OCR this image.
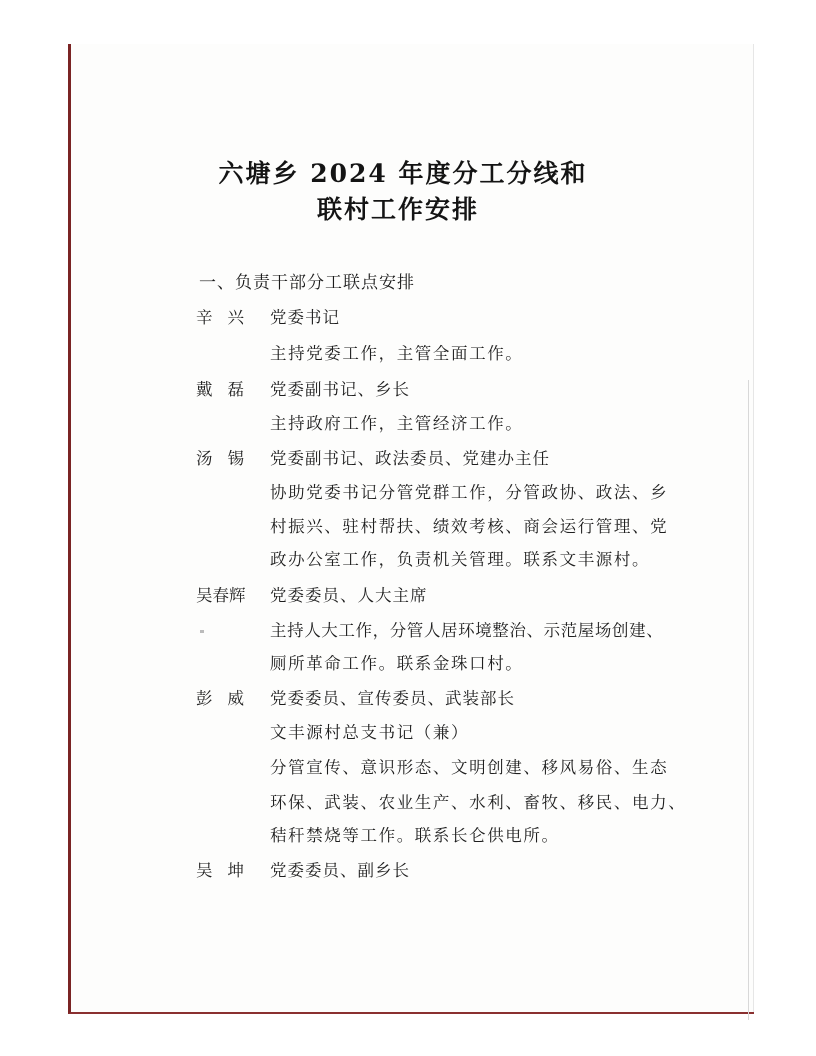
六塘乡 2024 年度分工分线和
联村工作安排
一、负责干部分工联点安排
辛兴 党委书记
主持党委工作，主管全面工作。
戴磊 党委副书记、乡长
主持政府工作，主管经济工作。
汤锡 党委副书记、政法委员、党建办主任
协助党委书记分管党群工作，分管政协、政法、乡
村振兴、驻村帮扶、绩效考核、商会运行管理、党
政办公室工作，负责机关管理。联系文丰源村。
吴春辉	党委委员、人大主席
主持人大工作，分管人居环境整治、示范屋场创建、
厕所革命工作。联系金珠口村。
彭威 党委委员、宣传委员、武装部长
文丰源村总支书记（兼）
分管宣传、意识形态、文明创建、移风易俗、生态
环保、武装、农业生产、水利、畜牧、移民、电力、
秸秆禁烧等工作。联系长仑供电所。
吴坤 党委委员、副乡长
